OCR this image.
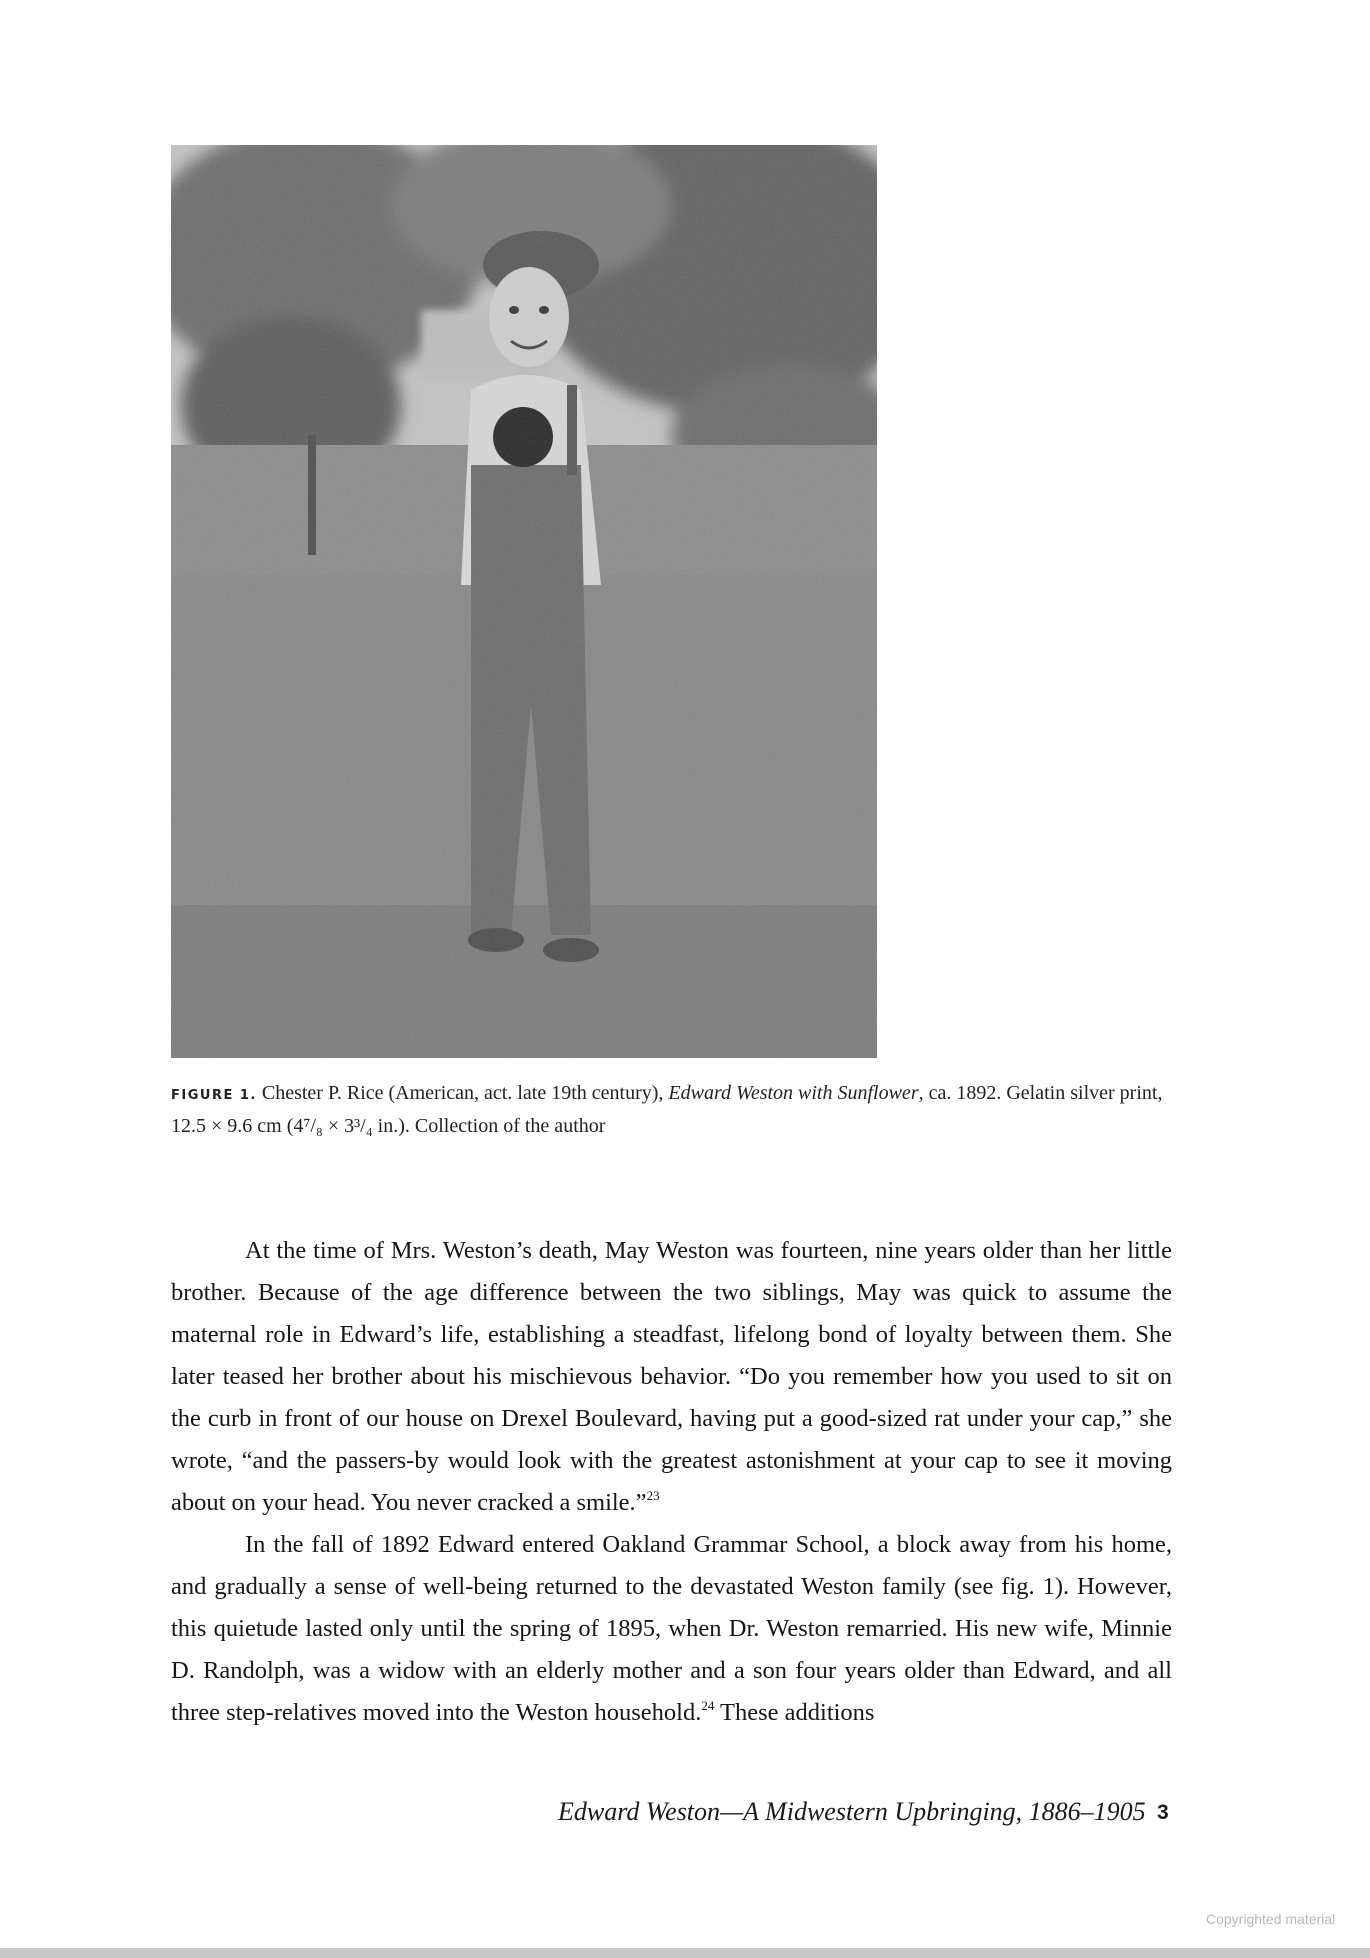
FIGURE 1. Chester P. Rice (American, act. late 19th century), Edward Weston with Sunflower, ca. 1892. Gelatin silver print, 12.5 × 9.6 cm (4⁷/₈ × 3³/₄ in.). Collection of the author

At the time of Mrs. Weston’s death, May Weston was fourteen, nine years older than her little brother. Because of the age difference between the two siblings, May was quick to assume the maternal role in Edward’s life, establishing a steadfast, lifelong bond of loyalty between them. She later teased her brother about his mischievous behavior. “Do you remember how you used to sit on the curb in front of our house on Drexel Boulevard, having put a good-sized rat under your cap,” she wrote, “and the passers-by would look with the greatest astonishment at your cap to see it moving about on your head. You never cracked a smile.”$^{23}$

In the fall of 1892 Edward entered Oakland Grammar School, a block away from his home, and gradually a sense of well-being returned to the devastated Weston family (see fig. 1). However, this quietude lasted only until the spring of 1895, when Dr. Weston remarried. His new wife, Minnie D. Randolph, was a widow with an elderly mother and a son four years older than Edward, and all three step-relatives moved into the Weston household.$^{24}$ These additions

Edward Weston—A Midwestern Upbringing, 1886–1905 3
Copyrighted material
